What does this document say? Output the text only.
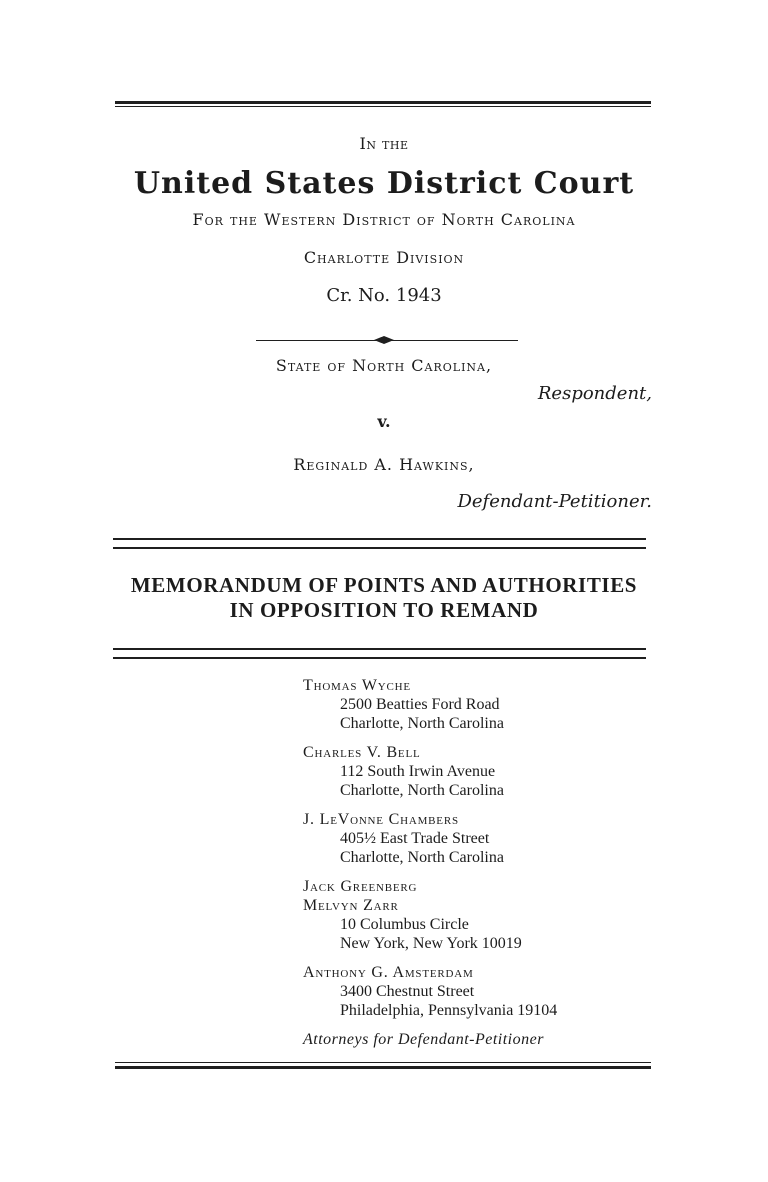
In the
United States District Court
For the Western District of North Carolina
Charlotte Division
Cr. No. 1943
State of North Carolina,
Respondent,
v.
Reginald A. Hawkins,
Defendant-Petitioner.
MEMORANDUM OF POINTS AND AUTHORITIES
IN OPPOSITION TO REMAND
Thomas Wyche
2500 Beatties Ford Road
Charlotte, North Carolina
Charles V. Bell
112 South Irwin Avenue
Charlotte, North Carolina
J. LeVonne Chambers
405½ East Trade Street
Charlotte, North Carolina
Jack Greenberg
Melvyn Zarr
10 Columbus Circle
New York, New York 10019
Anthony G. Amsterdam
3400 Chestnut Street
Philadelphia, Pennsylvania 19104
Attorneys for Defendant-Petitioner
